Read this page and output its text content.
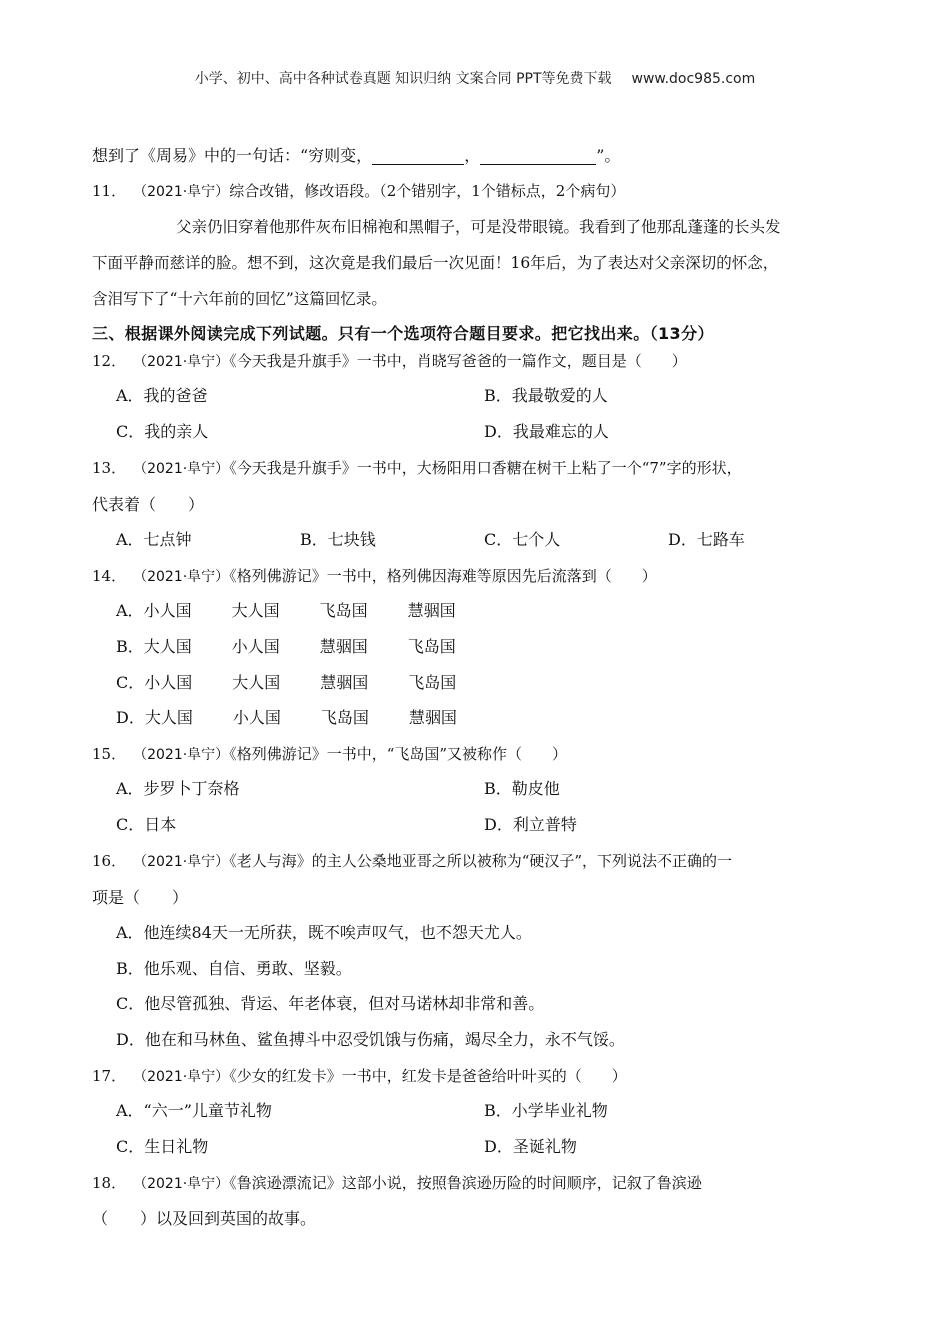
小学、初中、高中各种试卷真题 知识归纳 文案合同 PPT等免费下载 www.doc985.com
想到了《周易》中的一句话：“穷则变，	，	”。
11． （2021·阜宁）综合改错，修改语段。（2个错别字，1个错标点，2个病句）
父亲仍旧穿着他那件灰布旧棉袍和黑帽子，可是没带眼镜。我看到了他那乱蓬蓬的长头发
下面平静而慈详的脸。想不到，这次竟是我们最后一次见面！16年后，为了表达对父亲深切的怀念，
含泪写下了“十六年前的回忆”这篇回忆录。
三、根据课外阅读完成下列试题。只有一个选项符合题目要求。把它找出来。（13分）
12． （2021·阜宁）《今天我是升旗手》一书中，肖晓写爸爸的一篇作文，题目是（　　）
A．我的爸爸	B．我最敬爱的人
C．我的亲人	D．我最难忘的人
13． （2021·阜宁）《今天我是升旗手》一书中，大杨阳用口香糖在树干上粘了一个“7”字的形状，
代表着（　　）
A．七点钟	B．七块钱	C．七个人	D．七路车
14． （2021·阜宁）《格列佛游记》一书中，格列佛因海难等原因先后流落到（　　）
A．小人国 大人国 飞岛国 慧骃国
B．大人国 小人国 慧骃国 飞岛国
C．小人国 大人国 慧骃国 飞岛国
D．大人国 小人国 飞岛国 慧骃国
15． （2021·阜宁）《格列佛游记》一书中，“飞岛国”又被称作（　　）
A．步罗卜丁奈格	B．勒皮他
C．日本	D．利立普特
16． （2021·阜宁）《老人与海》的主人公桑地亚哥之所以被称为“硬汉子”，下列说法不正确的一
项是（　　）
A．他连续84天一无所获，既不唉声叹气，也不怨天尤人。
B．他乐观、自信、勇敢、坚毅。
C．他尽管孤独、背运、年老体衰，但对马诺林却非常和善。
D．他在和马林鱼、鲨鱼搏斗中忍受饥饿与伤痛，竭尽全力，永不气馁。
17． （2021·阜宁）《少女的红发卡》一书中，红发卡是爸爸给叶叶买的（　　）
A．“六一”儿童节礼物	B．小学毕业礼物
C．生日礼物	D．圣诞礼物
18． （2021·阜宁）《鲁滨逊漂流记》这部小说，按照鲁滨逊历险的时间顺序，记叙了鲁滨逊
（　　）以及回到英国的故事。
